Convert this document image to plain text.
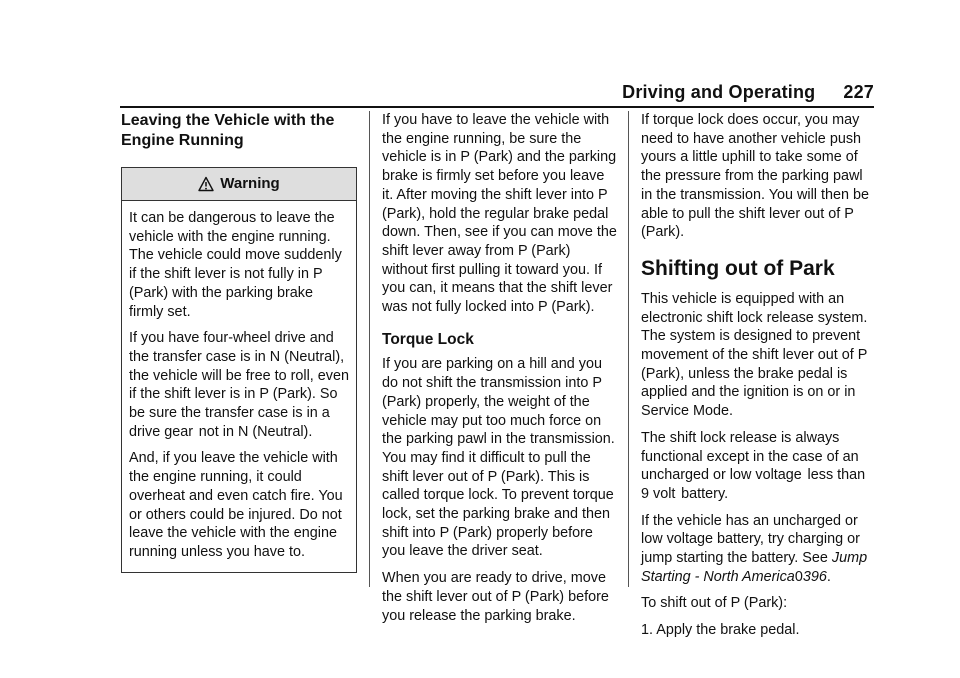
Driving and Operating 227
Leaving the Vehicle with the Engine Running
Warning

It can be dangerous to leave the vehicle with the engine running. The vehicle could move suddenly if the shift lever is not fully in P (Park) with the parking brake firmly set.

If you have four-wheel drive and the transfer case is in N (Neutral), the vehicle will be free to roll, even if the shift lever is in P (Park). So be sure the transfer case is in a drive gear  not in N (Neutral).

And, if you leave the vehicle with the engine running, it could overheat and even catch fire. You or others could be injured. Do not leave the vehicle with the engine running unless you have to.

If you have to leave the vehicle with the engine running, be sure the vehicle is in P (Park) and the parking brake is firmly set before you leave it. After moving the shift lever into P (Park), hold the regular brake pedal down. Then, see if you can move the shift lever away from P (Park) without first pulling it toward you. If you can, it means that the shift lever was not fully locked into P (Park).

Torque Lock

If you are parking on a hill and you do not shift the transmission into P (Park) properly, the weight of the vehicle may put too much force on the parking pawl in the transmission. You may find it difficult to pull the shift lever out of P (Park). This is called torque lock. To prevent torque lock, set the parking brake and then shift into P (Park) properly before you leave the driver seat.

When you are ready to drive, move the shift lever out of P (Park) before you release the parking brake.

If torque lock does occur, you may need to have another vehicle push yours a little uphill to take some of the pressure from the parking pawl in the transmission. You will then be able to pull the shift lever out of P (Park).

Shifting out of Park

This vehicle is equipped with an electronic shift lock release system. The system is designed to prevent movement of the shift lever out of P (Park), unless the brake pedal is applied and the ignition is on or in Service Mode.

The shift lock release is always functional except in the case of an uncharged or low voltage  less than 9 volt  battery.

If the vehicle has an uncharged or low voltage battery, try charging or jump starting the battery. See Jump Starting - North America0396.

To shift out of P (Park):

1. Apply the brake pedal.
